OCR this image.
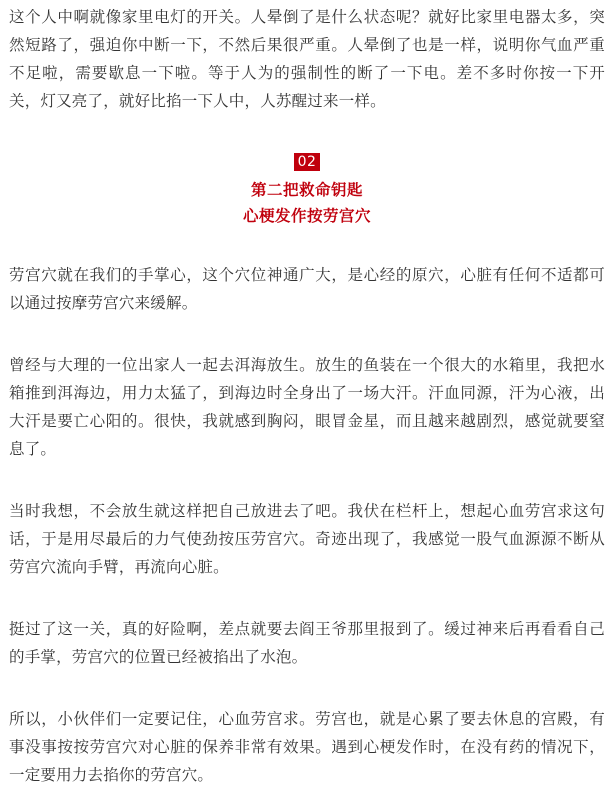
这个人中啊就像家里电灯的开关。人晕倒了是什么状态呢？就好比家里电器太多，突然短路了，强迫你中断一下，不然后果很严重。人晕倒了也是一样，说明你气血严重不足啦，需要歇息一下啦。等于人为的强制性的断了一下电。差不多时你按一下开关，灯又亮了，就好比掐一下人中，人苏醒过来一样。

02
第二把救命钥匙
心梗发作按劳宫穴

劳宫穴就在我们的手掌心，这个穴位神通广大，是心经的原穴，心脏有任何不适都可以通过按摩劳宫穴来缓解。

曾经与大理的一位出家人一起去洱海放生。放生的鱼装在一个很大的水箱里，我把水箱推到洱海边，用力太猛了，到海边时全身出了一场大汗。汗血同源，汗为心液，出大汗是要亡心阳的。很快，我就感到胸闷，眼冒金星，而且越来越剧烈，感觉就要窒息了。

当时我想，不会放生就这样把自己放进去了吧。我伏在栏杆上，想起心血劳宫求这句话，于是用尽最后的力气使劲按压劳宫穴。奇迹出现了，我感觉一股气血源源不断从劳宫穴流向手臂，再流向心脏。

挺过了这一关，真的好险啊，差点就要去阎王爷那里报到了。缓过神来后再看看自己的手掌，劳宫穴的位置已经被掐出了水泡。

所以，小伙伴们一定要记住，心血劳宫求。劳宫也，就是心累了要去休息的宫殿，有事没事按按劳宫穴对心脏的保养非常有效果。遇到心梗发作时，在没有药的情况下，一定要用力去掐你的劳宫穴。
